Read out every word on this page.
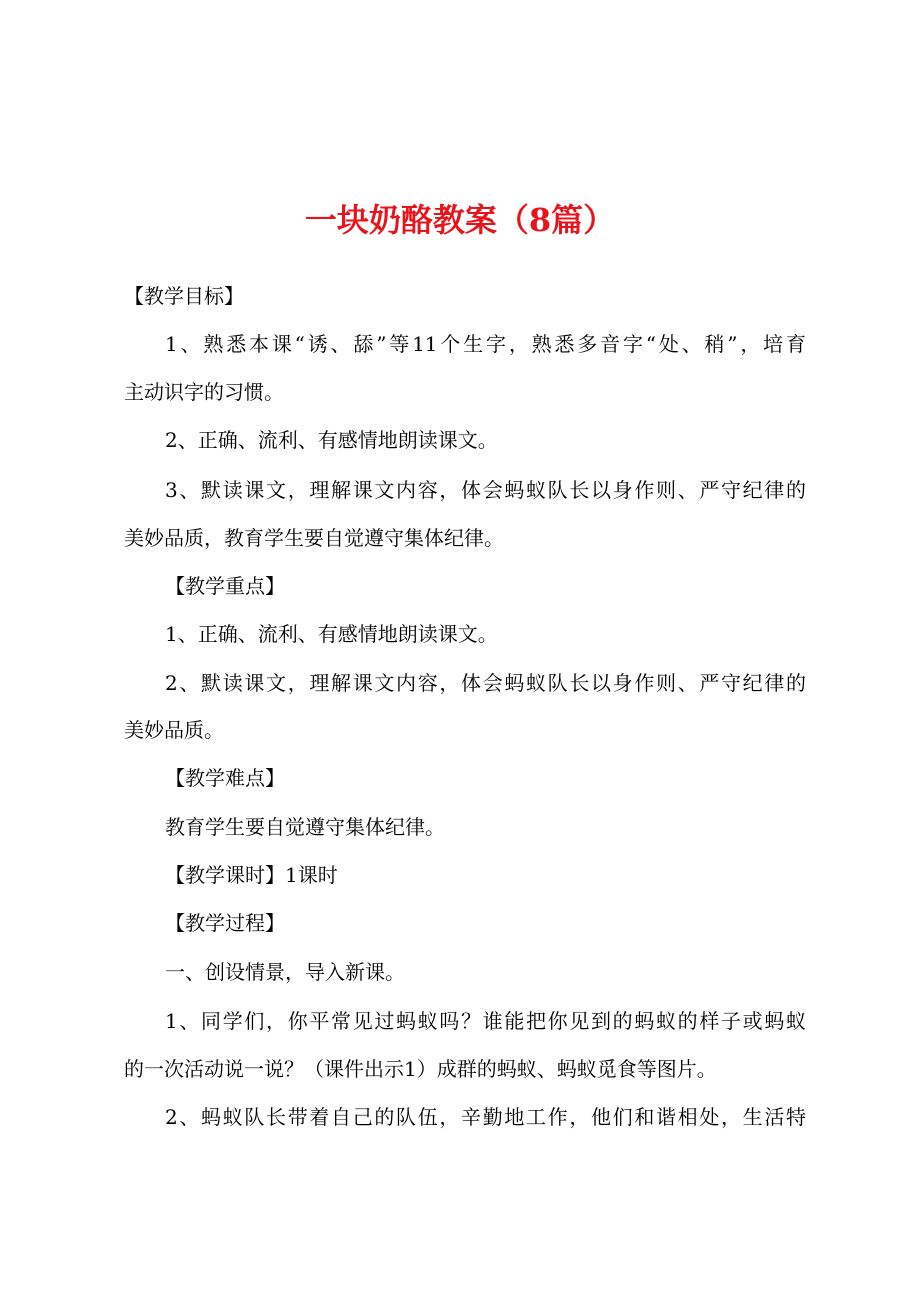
一块奶酪教案（8篇）
【教学目标】
1、熟悉本课“诱、舔”等11个生字，熟悉多音字“处、稍”，培育
主动识字的习惯。
2、正确、流利、有感情地朗读课文。
3、默读课文，理解课文内容，体会蚂蚁队长以身作则、严守纪律的
美妙品质，教育学生要自觉遵守集体纪律。
【教学重点】
1、正确、流利、有感情地朗读课文。
2、默读课文，理解课文内容，体会蚂蚁队长以身作则、严守纪律的
美妙品质。
【教学难点】
教育学生要自觉遵守集体纪律。
【教学课时】1课时
【教学过程】
一、创设情景，导入新课。
1、同学们，你平常见过蚂蚁吗？谁能把你见到的蚂蚁的样子或蚂蚁
的一次活动说一说？（课件出示1）成群的蚂蚁、蚂蚁觅食等图片。
2、蚂蚁队长带着自己的队伍，辛勤地工作，他们和谐相处，生活特
